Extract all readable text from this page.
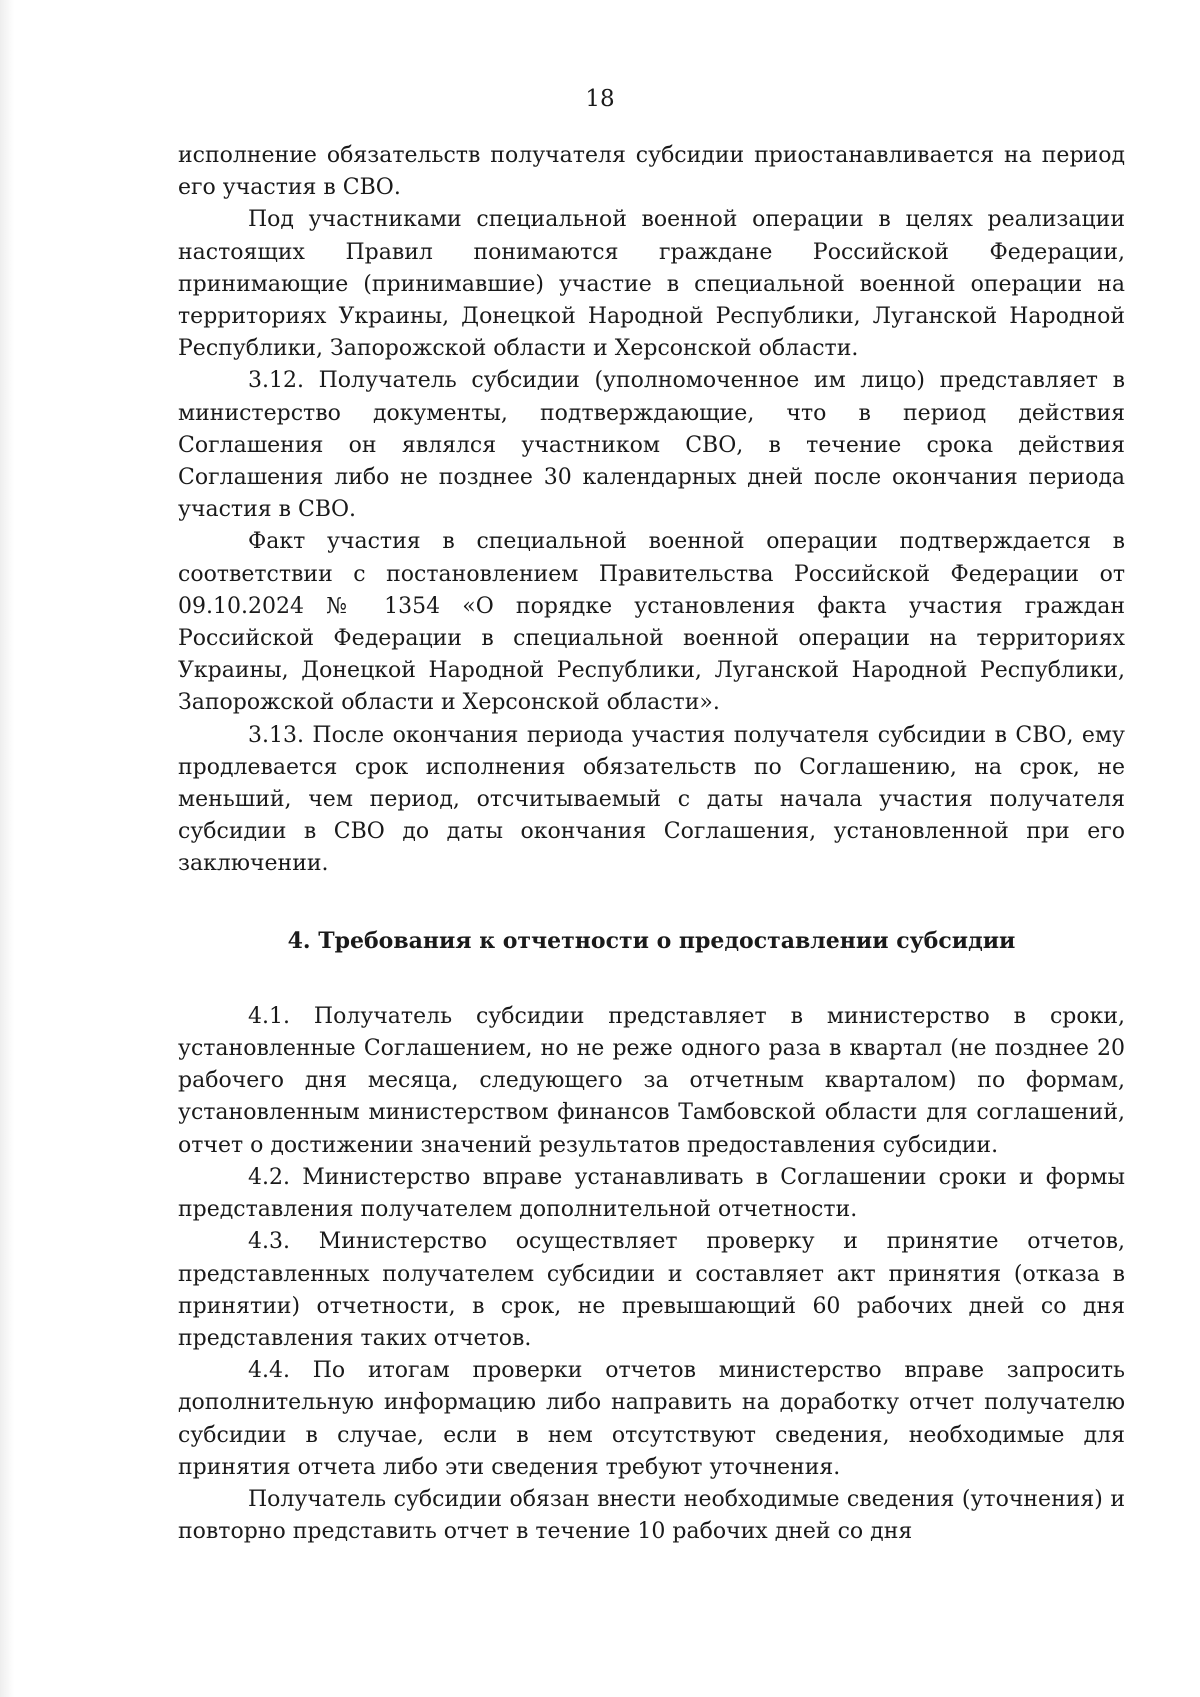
18

исполнение обязательств получателя субсидии приостанавливается на период его участия в СВО.

Под участниками специальной военной операции в целях реализации настоящих Правил понимаются граждане Российской Федерации, принимающие (принимавшие) участие в специальной военной операции на территориях Украины, Донецкой Народной Республики, Луганской Народной Республики, Запорожской области и Херсонской области.

3.12. Получатель субсидии (уполномоченное им лицо) представляет в министерство документы, подтверждающие, что в период действия Соглашения он являлся участником СВО, в течение срока действия Соглашения либо не позднее 30 календарных дней после окончания периода участия в СВО.

Факт участия в специальной военной операции подтверждается в соответствии с постановлением Правительства Российской Федерации от 09.10.2024 № 1354 «О порядке установления факта участия граждан Российской Федерации в специальной военной операции на территориях Украины, Донецкой Народной Республики, Луганской Народной Республики, Запорожской области и Херсонской области».

3.13. После окончания периода участия получателя субсидии в СВО, ему продлевается срок исполнения обязательств по Соглашению, на срок, не меньший, чем период, отсчитываемый с даты начала участия получателя субсидии в СВО до даты окончания Соглашения, установленной при его заключении.

4. Требования к отчетности о предоставлении субсидии

4.1. Получатель субсидии представляет в министерство в сроки, установленные Соглашением, но не реже одного раза в квартал (не позднее 20 рабочего дня месяца, следующего за отчетным кварталом) по формам, установленным министерством финансов Тамбовской области для соглашений, отчет о достижении значений результатов предоставления субсидии.

4.2. Министерство вправе устанавливать в Соглашении сроки и формы представления получателем дополнительной отчетности.

4.3. Министерство осуществляет проверку и принятие отчетов, представленных получателем субсидии и составляет акт принятия (отказа в принятии) отчетности, в срок, не превышающий 60 рабочих дней со дня представления таких отчетов.

4.4. По итогам проверки отчетов министерство вправе запросить дополнительную информацию либо направить на доработку отчет получателю субсидии в случае, если в нем отсутствуют сведения, необходимые для принятия отчета либо эти сведения требуют уточнения.

Получатель субсидии обязан внести необходимые сведения (уточнения) и повторно представить отчет в течение 10 рабочих дней со дня
